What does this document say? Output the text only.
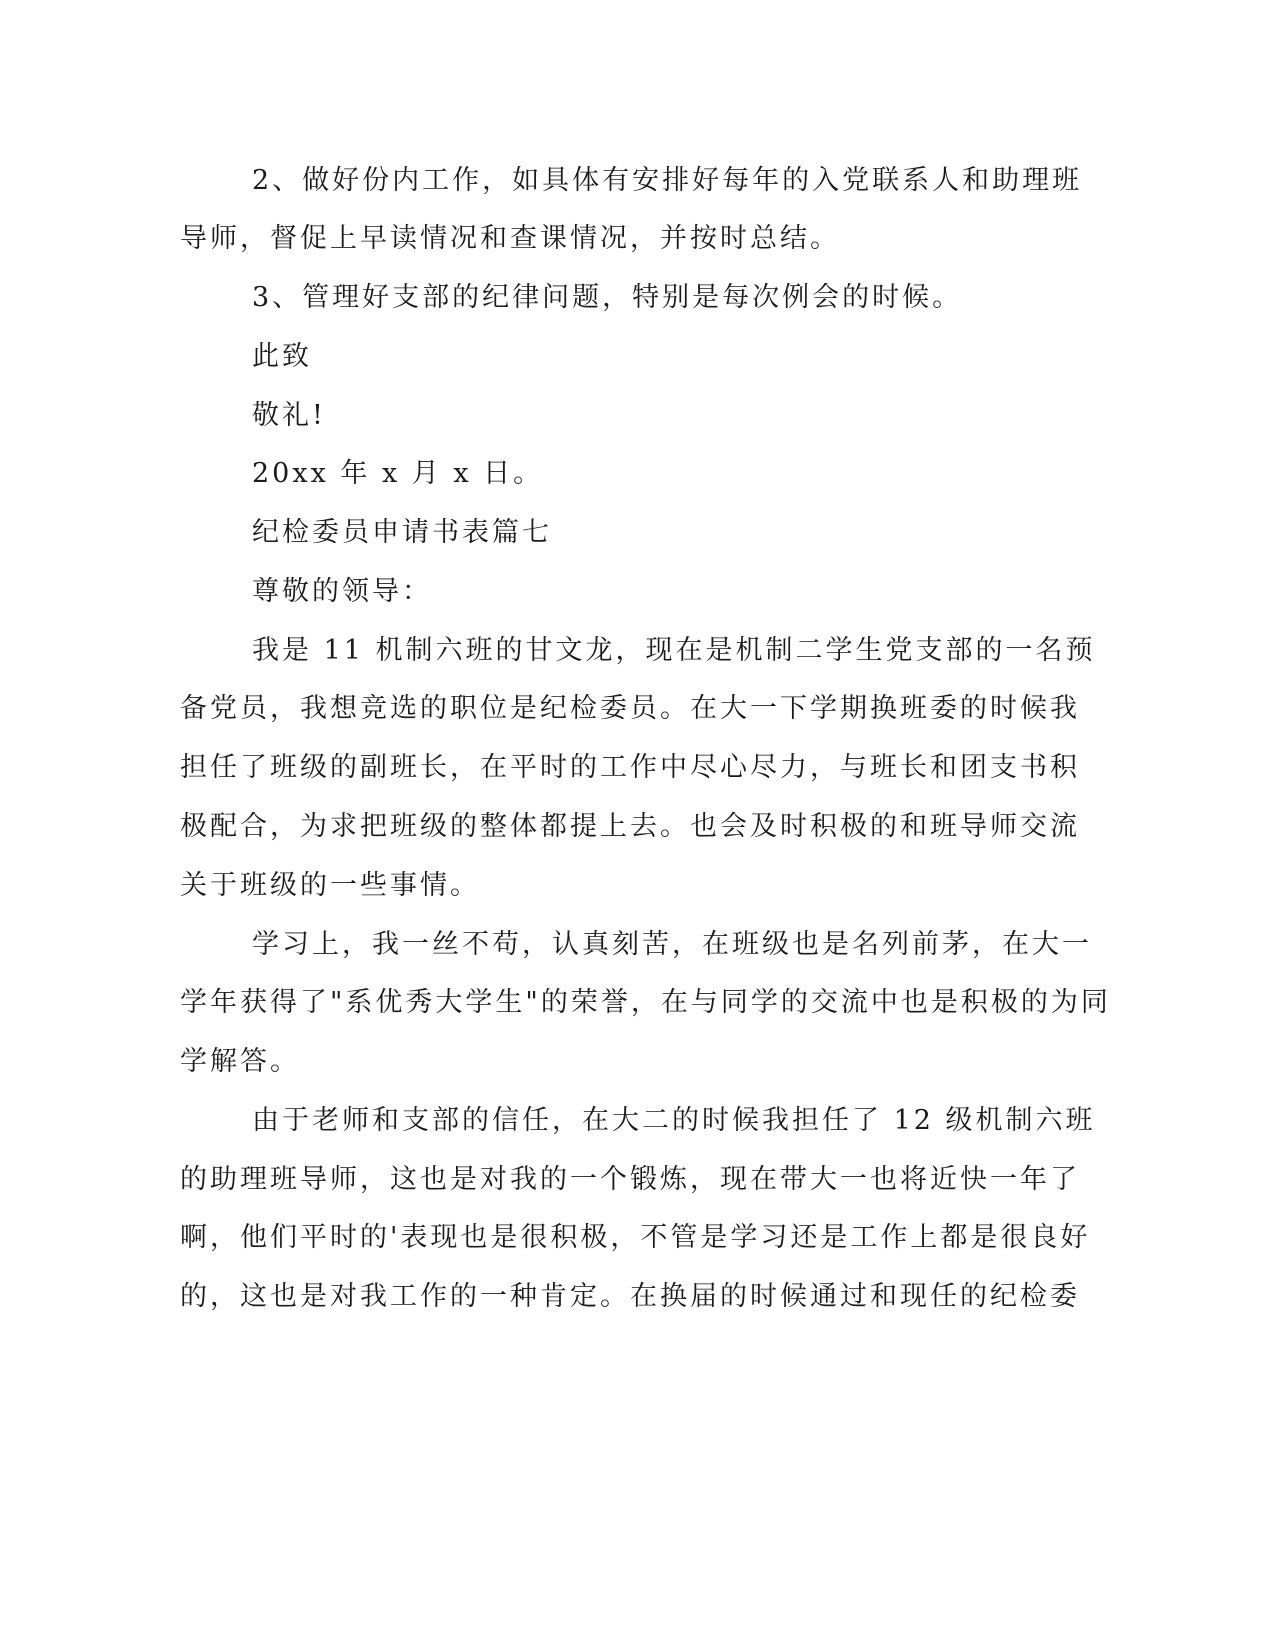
2、做好份内工作，如具体有安排好每年的入党联系人和助理班
导师，督促上早读情况和查课情况，并按时总结。
3、管理好支部的纪律问题，特别是每次例会的时候。
此致
敬礼!
20xx 年 x 月 x 日。
纪检委员申请书表篇七
尊敬的领导：
我是 11 机制六班的甘文龙，现在是机制二学生党支部的一名预
备党员，我想竞选的职位是纪检委员。在大一下学期换班委的时候我
担任了班级的副班长，在平时的工作中尽心尽力，与班长和团支书积
极配合，为求把班级的整体都提上去。也会及时积极的和班导师交流
关于班级的一些事情。
学习上，我一丝不苟，认真刻苦，在班级也是名列前茅，在大一
学年获得了"系优秀大学生"的荣誉，在与同学的交流中也是积极的为同
学解答。
由于老师和支部的信任，在大二的时候我担任了 12 级机制六班
的助理班导师，这也是对我的一个锻炼，现在带大一也将近快一年了
啊，他们平时的'表现也是很积极，不管是学习还是工作上都是很良好
的，这也是对我工作的一种肯定。在换届的时候通过和现任的纪检委
